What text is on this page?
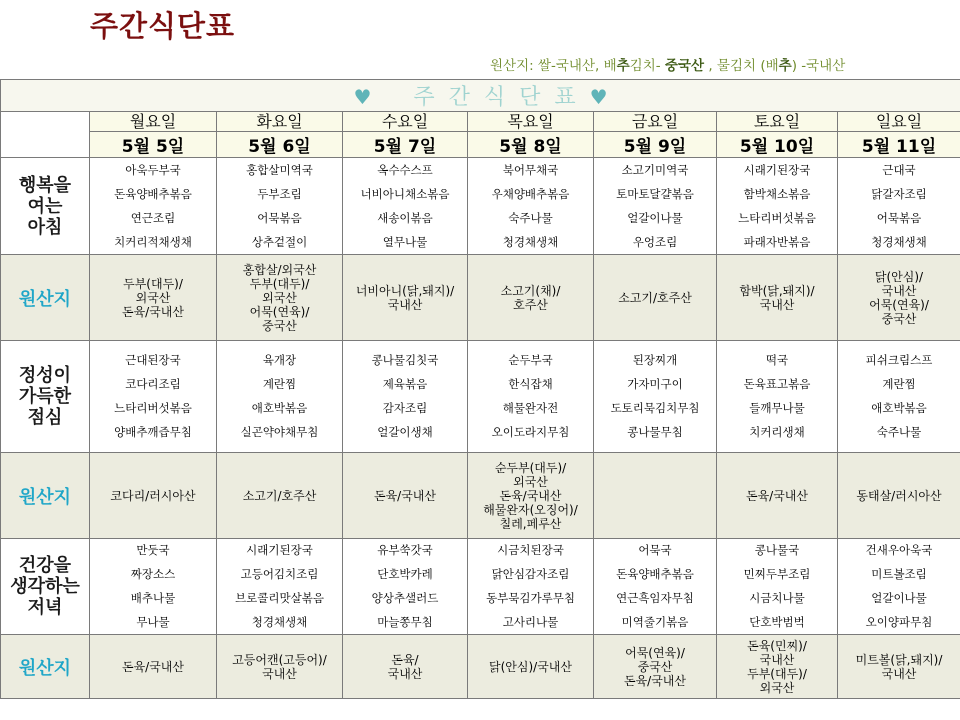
주간식단표
원산지: 쌀-국내산, 배추김치- 중국산 , 물김치 (배추) -국내산
♥ 주간식단표♥							
	월요일	화요일	수요일	목요일	금요일	토요일	일요일
	5월 5일	5월 6일	5월 7일	5월 8일	5월 9일	5월 10일	5월 11일
행복을
여는
아침	아욱두부국
돈육양배추볶음
연근조림
치커리적채생채	홍합살미역국
두부조림
어묵볶음
상추겉절이	옥수수스프
너비아니채소볶음
새송이볶음
열무나물	북어무채국
우채양배추볶음
숙주나물
청경채생채	소고기미역국
토마토달걀볶음
얼갈이나물
우엉조림	시래기된장국
함박채소볶음
느타리버섯볶음
파래자반볶음	근대국
닭갈자조림
어묵볶음
청경채생채

원산지	두부(대두)/
외국산
돈육/국내산	홍합살/외국산
두부(대두)/
외국산
어묵(연육)/
중국산	너비아니(닭,돼지)/
국내산	소고기(채)/
호주산	소고기/호주산	함박(닭,돼지)/
국내산	닭(안심)/
국내산
어묵(연육)/
중국산
정성이
가득한
점심	근대된장국
코다리조림
느타리버섯볶음
양배추깨즙무침	육개장
계란찜
애호박볶음
실곤약야채무침	콩나물김칫국
제육볶음
감자조림
얼갈이생채	순두부국
한식잡채
해물완자전
오이도라지무침	된장찌개
가자미구이
도토리묵김치무침
콩나물무침	떡국
돈육표고볶음
들깨무나물
치커리생채	피쉬크림스프
계란찜
애호박볶음
숙주나물

원산지	코다리/러시아산	소고기/호주산	돈육/국내산	순두부(대두)/
외국산
돈육/국내산
해물완자(오징어)/
칠레,페루산		돈육/국내산	동태살/러시아산
건강을
생각하는
저녁	만둣국
짜장소스
배추나물
무나물	시래기된장국
고등어김치조림
브로콜리맛살볶음
청경채생채	유부쑥갓국
단호박카레
양상추샐러드
마늘쫑무침	시금치된장국
닭안심감자조림
동부묵김가루무침
고사리나물	어묵국
돈육양배추볶음
연근흑임자무침
미역줄기볶음	콩나물국
민찌두부조림
시금치나물
단호박범벅	건새우아욱국
미트볼조림
얼갈이나물
오이양파무침

원산지	돈육/국내산	고등어캔(고등어)/
국내산	돈육/
국내산	닭(안심)/국내산	어묵(연육)/
중국산
돈육/국내산	돈육(민찌)/
국내산
두부(대두)/
외국산	미트볼(닭,돼지)/
국내산
